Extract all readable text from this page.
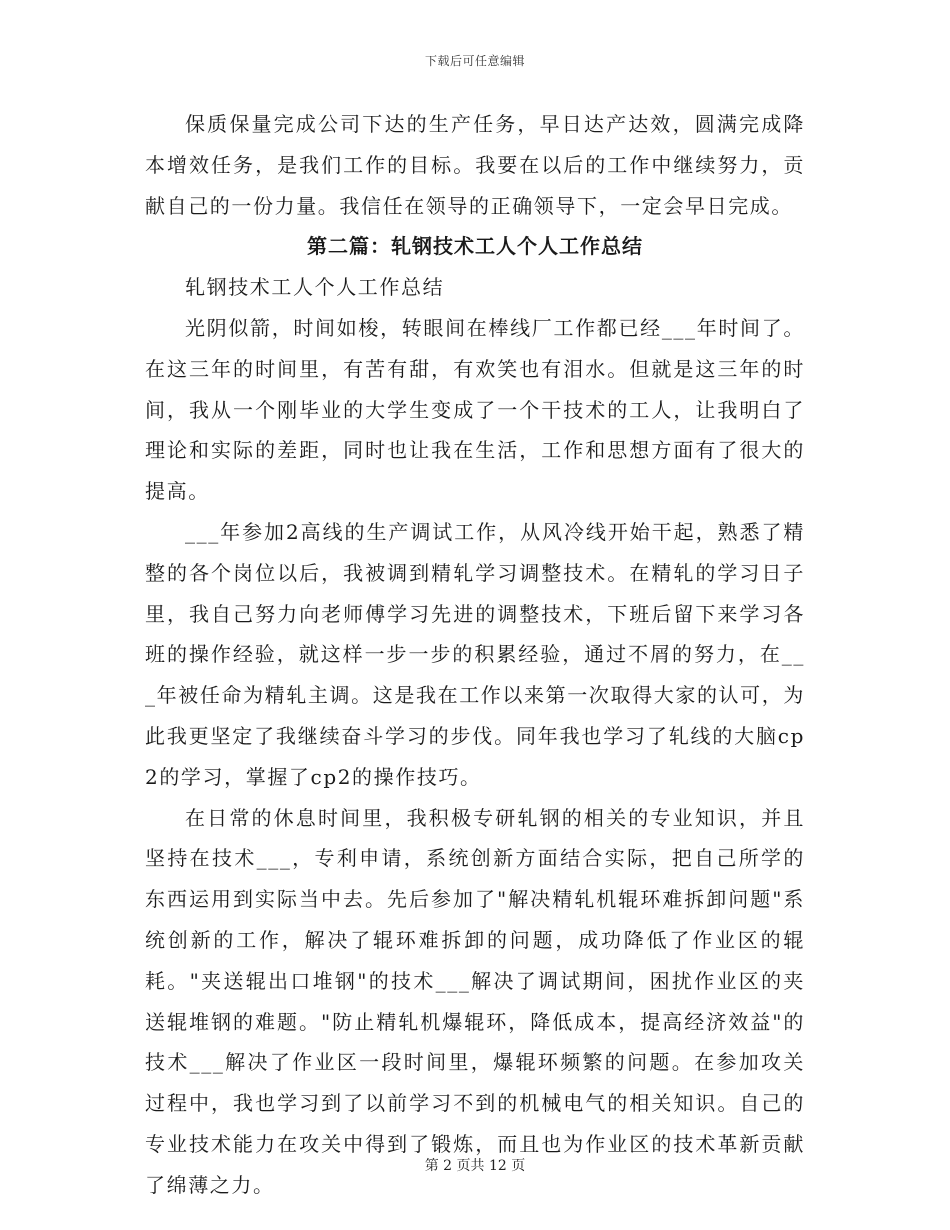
下载后可任意编辑

保质保量完成公司下达的生产任务，早日达产达效，圆满完成降本增效任务，是我们工作的目标。我要在以后的工作中继续努力，贡献自己的一份力量。我信任在领导的正确领导下，一定会早日完成。

第二篇：轧钢技术工人个人工作总结

轧钢技术工人个人工作总结

光阴似箭，时间如梭，转眼间在棒线厂工作都已经___年时间了。在这三年的时间里，有苦有甜，有欢笑也有泪水。但就是这三年的时间，我从一个刚毕业的大学生变成了一个干技术的工人，让我明白了理论和实际的差距，同时也让我在生活，工作和思想方面有了很大的提高。

___年参加2高线的生产调试工作，从风冷线开始干起，熟悉了精整的各个岗位以后，我被调到精轧学习调整技术。在精轧的学习日子里，我自己努力向老师傅学习先进的调整技术，下班后留下来学习各班的操作经验，就这样一步一步的积累经验，通过不屑的努力，在___年被任命为精轧主调。这是我在工作以来第一次取得大家的认可，为此我更坚定了我继续奋斗学习的步伐。同年我也学习了轧线的大脑cp2的学习，掌握了cp2的操作技巧。

在日常的休息时间里，我积极专研轧钢的相关的专业知识，并且坚持在技术___，专利申请，系统创新方面结合实际，把自己所学的东西运用到实际当中去。先后参加了"解决精轧机辊环难拆卸问题"系统创新的工作，解决了辊环难拆卸的问题，成功降低了作业区的辊耗。"夹送辊出口堆钢"的技术___解决了调试期间，困扰作业区的夹送辊堆钢的难题。"防止精轧机爆辊环，降低成本，提高经济效益"的技术___解决了作业区一段时间里，爆辊环频繁的问题。在参加攻关过程中，我也学习到了以前学习不到的机械电气的相关知识。自己的专业技术能力在攻关中得到了锻炼，而且也为作业区的技术革新贡献了绵薄之力。

第 2 页共 12 页
